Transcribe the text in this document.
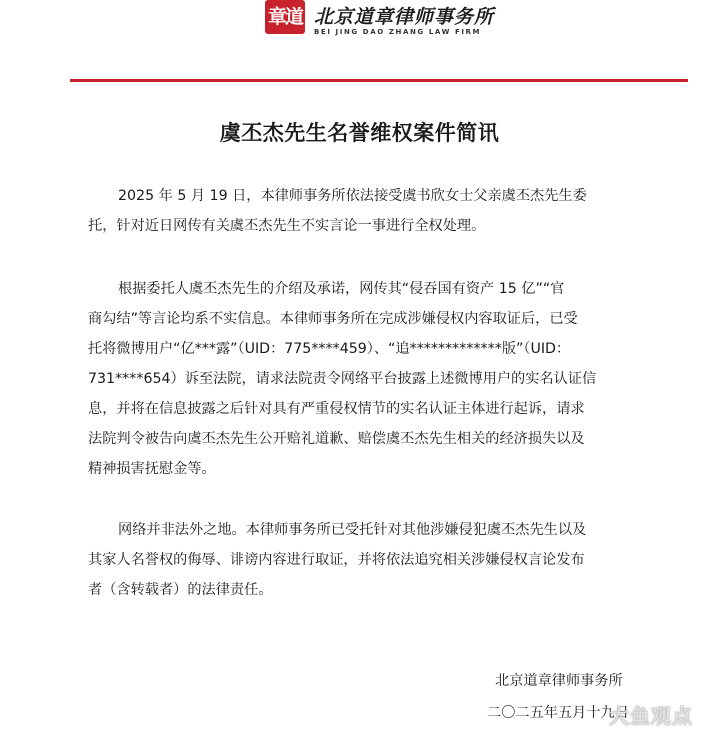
章道 北京道章律师事务所
BEI JING DAO ZHANG LAW FIRM
虞丕杰先生名誉维权案件简讯
2025 年 5 月 19 日，本律师事务所依法接受虞书欣女士父亲虞丕杰先生委
托，针对近日网传有关虞丕杰先生不实言论一事进行全权处理。
根据委托人虞丕杰先生的介绍及承诺，网传其“侵吞国有资产 15 亿”“官
商勾结”等言论均系不实信息。本律师事务所在完成涉嫌侵权内容取证后，已受
托将微博用户“亿***露”（UID：775****459）、“追*************版”（UID：
731****654）诉至法院，请求法院责令网络平台披露上述微博用户的实名认证信
息，并将在信息披露之后针对具有严重侵权情节的实名认证主体进行起诉，请求
法院判令被告向虞丕杰先生公开赔礼道歉、赔偿虞丕杰先生相关的经济损失以及
精神损害抚慰金等。
网络并非法外之地。本律师事务所已受托针对其他涉嫌侵犯虞丕杰先生以及
其家人名誉权的侮辱、诽谤内容进行取证，并将依法追究相关涉嫌侵权言论发布
者（含转载者）的法律责任。
北京道章律师事务所
二〇二五年五月十九日
大鱼观点
